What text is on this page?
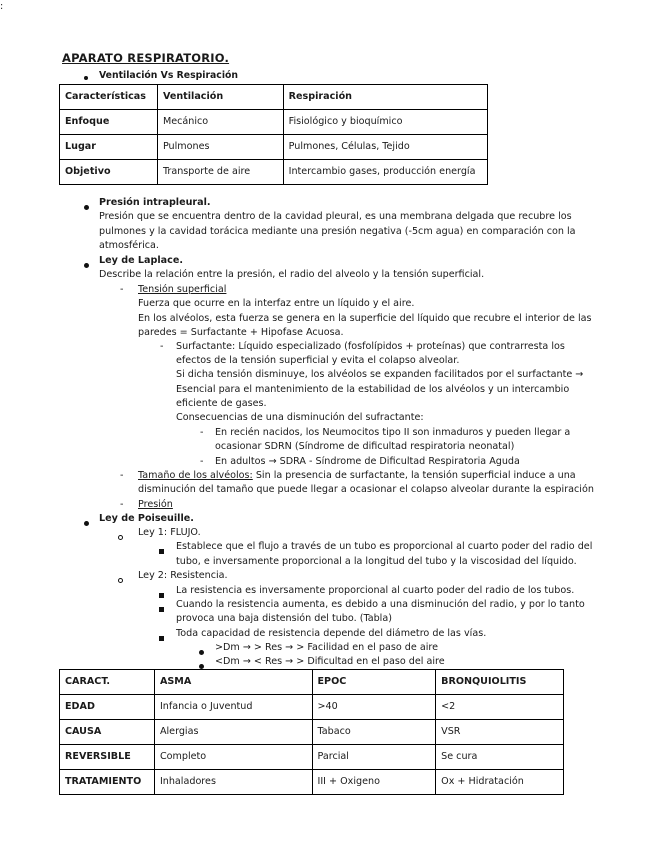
APARATO RESPIRATORIO.
Ventilación Vs Respiración
Características	Ventilación	Respiración
Enfoque	Mecánico	Fisiológico y bioquímico
Lugar	Pulmones	Pulmones, Células, Tejido
Objetivo	Transporte de aire	Intercambio gases, producción energía
Presión intrapleural.
Presión que se encuentra dentro de la cavidad pleural, es una membrana delgada que recubre los
pulmones y la cavidad torácica mediante una presión negativa (-5cm agua) en comparación con la
atmosférica.
Ley de Laplace.
Describe la relación entre la presión, el radio del alveolo y la tensión superficial.
- Tensión superficial
:
Fuerza que ocurre en la interfaz entre un líquido y el aire.
En los alvéolos, esta fuerza se genera en la superficie del líquido que recubre el interior de las
paredes = Surfactante + Hipofase Acuosa.
- Surfactante: Líquido especializado (fosfolípidos + proteínas) que contrarresta los
efectos de la tensión superficial y evita el colapso alveolar.
Si dicha tensión disminuye, los alvéolos se expanden facilitados por el surfactante →
Esencial para el mantenimiento de la estabilidad de los alvéolos y un intercambio
eficiente de gases.
Consecuencias de una disminución del sufractante:
- En recién nacidos, los Neumocitos tipo II son inmaduros y pueden llegar a
ocasionar SDRN (Síndrome de dificultad respiratoria neonatal)
- En adultos → SDRA - Síndrome de Dificultad Respiratoria Aguda
- Tamaño de los alvéolos: Sin la presencia de surfactante, la tensión superficial induce a una
disminución del tamaño que puede llegar a ocasionar el colapso alveolar durante la espiración
- Presión
Ley de Poiseuille.
Ley 1: FLUJO.
Establece que el flujo a través de un tubo es proporcional al cuarto poder del radio del
tubo, e inversamente proporcional a la longitud del tubo y la viscosidad del líquido.
Ley 2: Resistencia.
La resistencia es inversamente proporcional al cuarto poder del radio de los tubos.
Cuando la resistencia aumenta, es debido a una disminución del radio, y por lo tanto
provoca una baja distensión del tubo. (Tabla)
Toda capacidad de resistencia depende del diámetro de las vías.
>Dm → > Res → > Facilidad en el paso de aire
<Dm → < Res → > Dificultad en el paso del aire
CARACT.	ASMA	EPOC	BRONQUIOLITIS
EDAD	Infancia o Juventud	>40	<2
CAUSA	Alergias	Tabaco	VSR
REVERSIBLE	Completo	Parcial	Se cura
TRATAMIENTO	Inhaladores	III + Oxigeno	Ox + Hidratación
